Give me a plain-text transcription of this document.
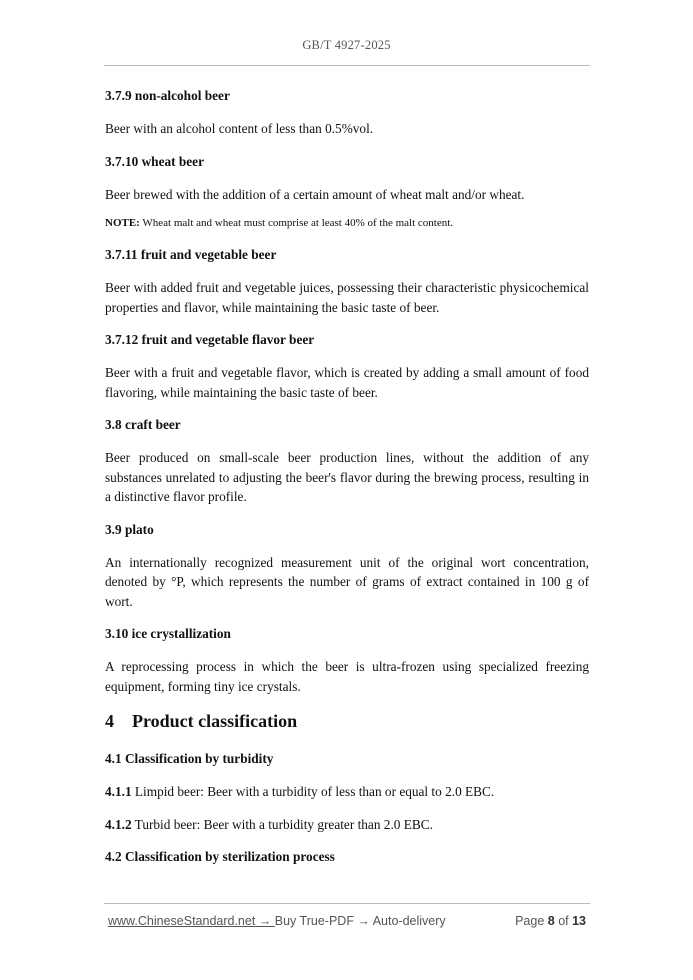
GB/T 4927-2025
3.7.9 non-alcohol beer
Beer with an alcohol content of less than 0.5%vol.
3.7.10 wheat beer
Beer brewed with the addition of a certain amount of wheat malt and/or wheat.
NOTE: Wheat malt and wheat must comprise at least 40% of the malt content.
3.7.11 fruit and vegetable beer
Beer with added fruit and vegetable juices, possessing their characteristic physicochemical properties and flavor, while maintaining the basic taste of beer.
3.7.12 fruit and vegetable flavor beer
Beer with a fruit and vegetable flavor, which is created by adding a small amount of food flavoring, while maintaining the basic taste of beer.
3.8 craft beer
Beer produced on small-scale beer production lines, without the addition of any substances unrelated to adjusting the beer's flavor during the brewing process, resulting in a distinctive flavor profile.
3.9 plato
An internationally recognized measurement unit of the original wort concentration, denoted by °P, which represents the number of grams of extract contained in 100 g of wort.
3.10 ice crystallization
A reprocessing process in which the beer is ultra-frozen using specialized freezing equipment, forming tiny ice crystals.
4 Product classification
4.1 Classification by turbidity
4.1.1 Limpid beer: Beer with a turbidity of less than or equal to 2.0 EBC.
4.1.2 Turbid beer: Beer with a turbidity greater than 2.0 EBC.
4.2 Classification by sterilization process
www.ChineseStandard.net → Buy True-PDF → Auto-delivery	Page 8 of 13
